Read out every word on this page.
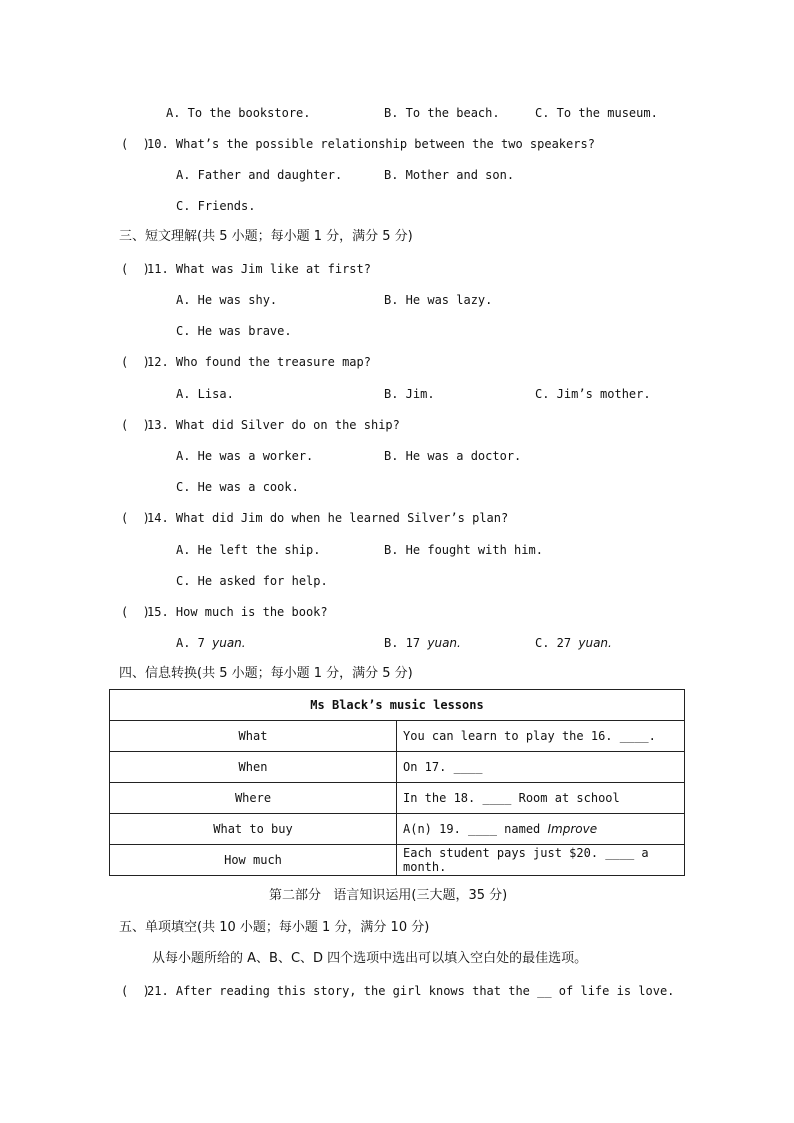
A. To the bookstore.	B. To the beach.	C. To the museum.
(  )
10. What’s the possible relationship between the two speakers?
A. Father and daughter.	B. Mother and son.
C. Friends.
三、短文理解(共 5 小题；每小题 1 分，满分 5 分)
(  )
11. What was Jim like at first?
A. He was shy.	B. He was lazy.
C. He was brave.
(  )
12. Who found the treasure map?
A. Lisa.	B. Jim.	C. Jim’s mother.
(  )
13. What did Silver do on the ship?
A. He was a worker.	B. He was a doctor.
C. He was a cook.
(  )
14. What did Jim do when he learned Silver’s plan?
A. He left the ship.	B. He fought with him.
C. He asked for help.
(  )
15. How much is the book?
A. 7 yuan.	B. 17 yuan.	C. 27 yuan.
四、信息转换(共 5 小题；每小题 1 分，满分 5 分)
Ms Black’s music lessons	
What	You can learn to play the 16. ____.
When	On 17. ____
Where	In the 18. ____ Room at school
What to buy	A(n) 19. ____ named Improve
How much	Each student pays just $20. ____ a month.
第二部分   语言知识运用(三大题，35 分)
五、单项填空(共 10 小题；每小题 1 分，满分 10 分)
从每小题所给的 A、B、C、D 四个选项中选出可以填入空白处的最佳选项。
(  )
21. After reading this story, the girl knows that the __ of life is love.
